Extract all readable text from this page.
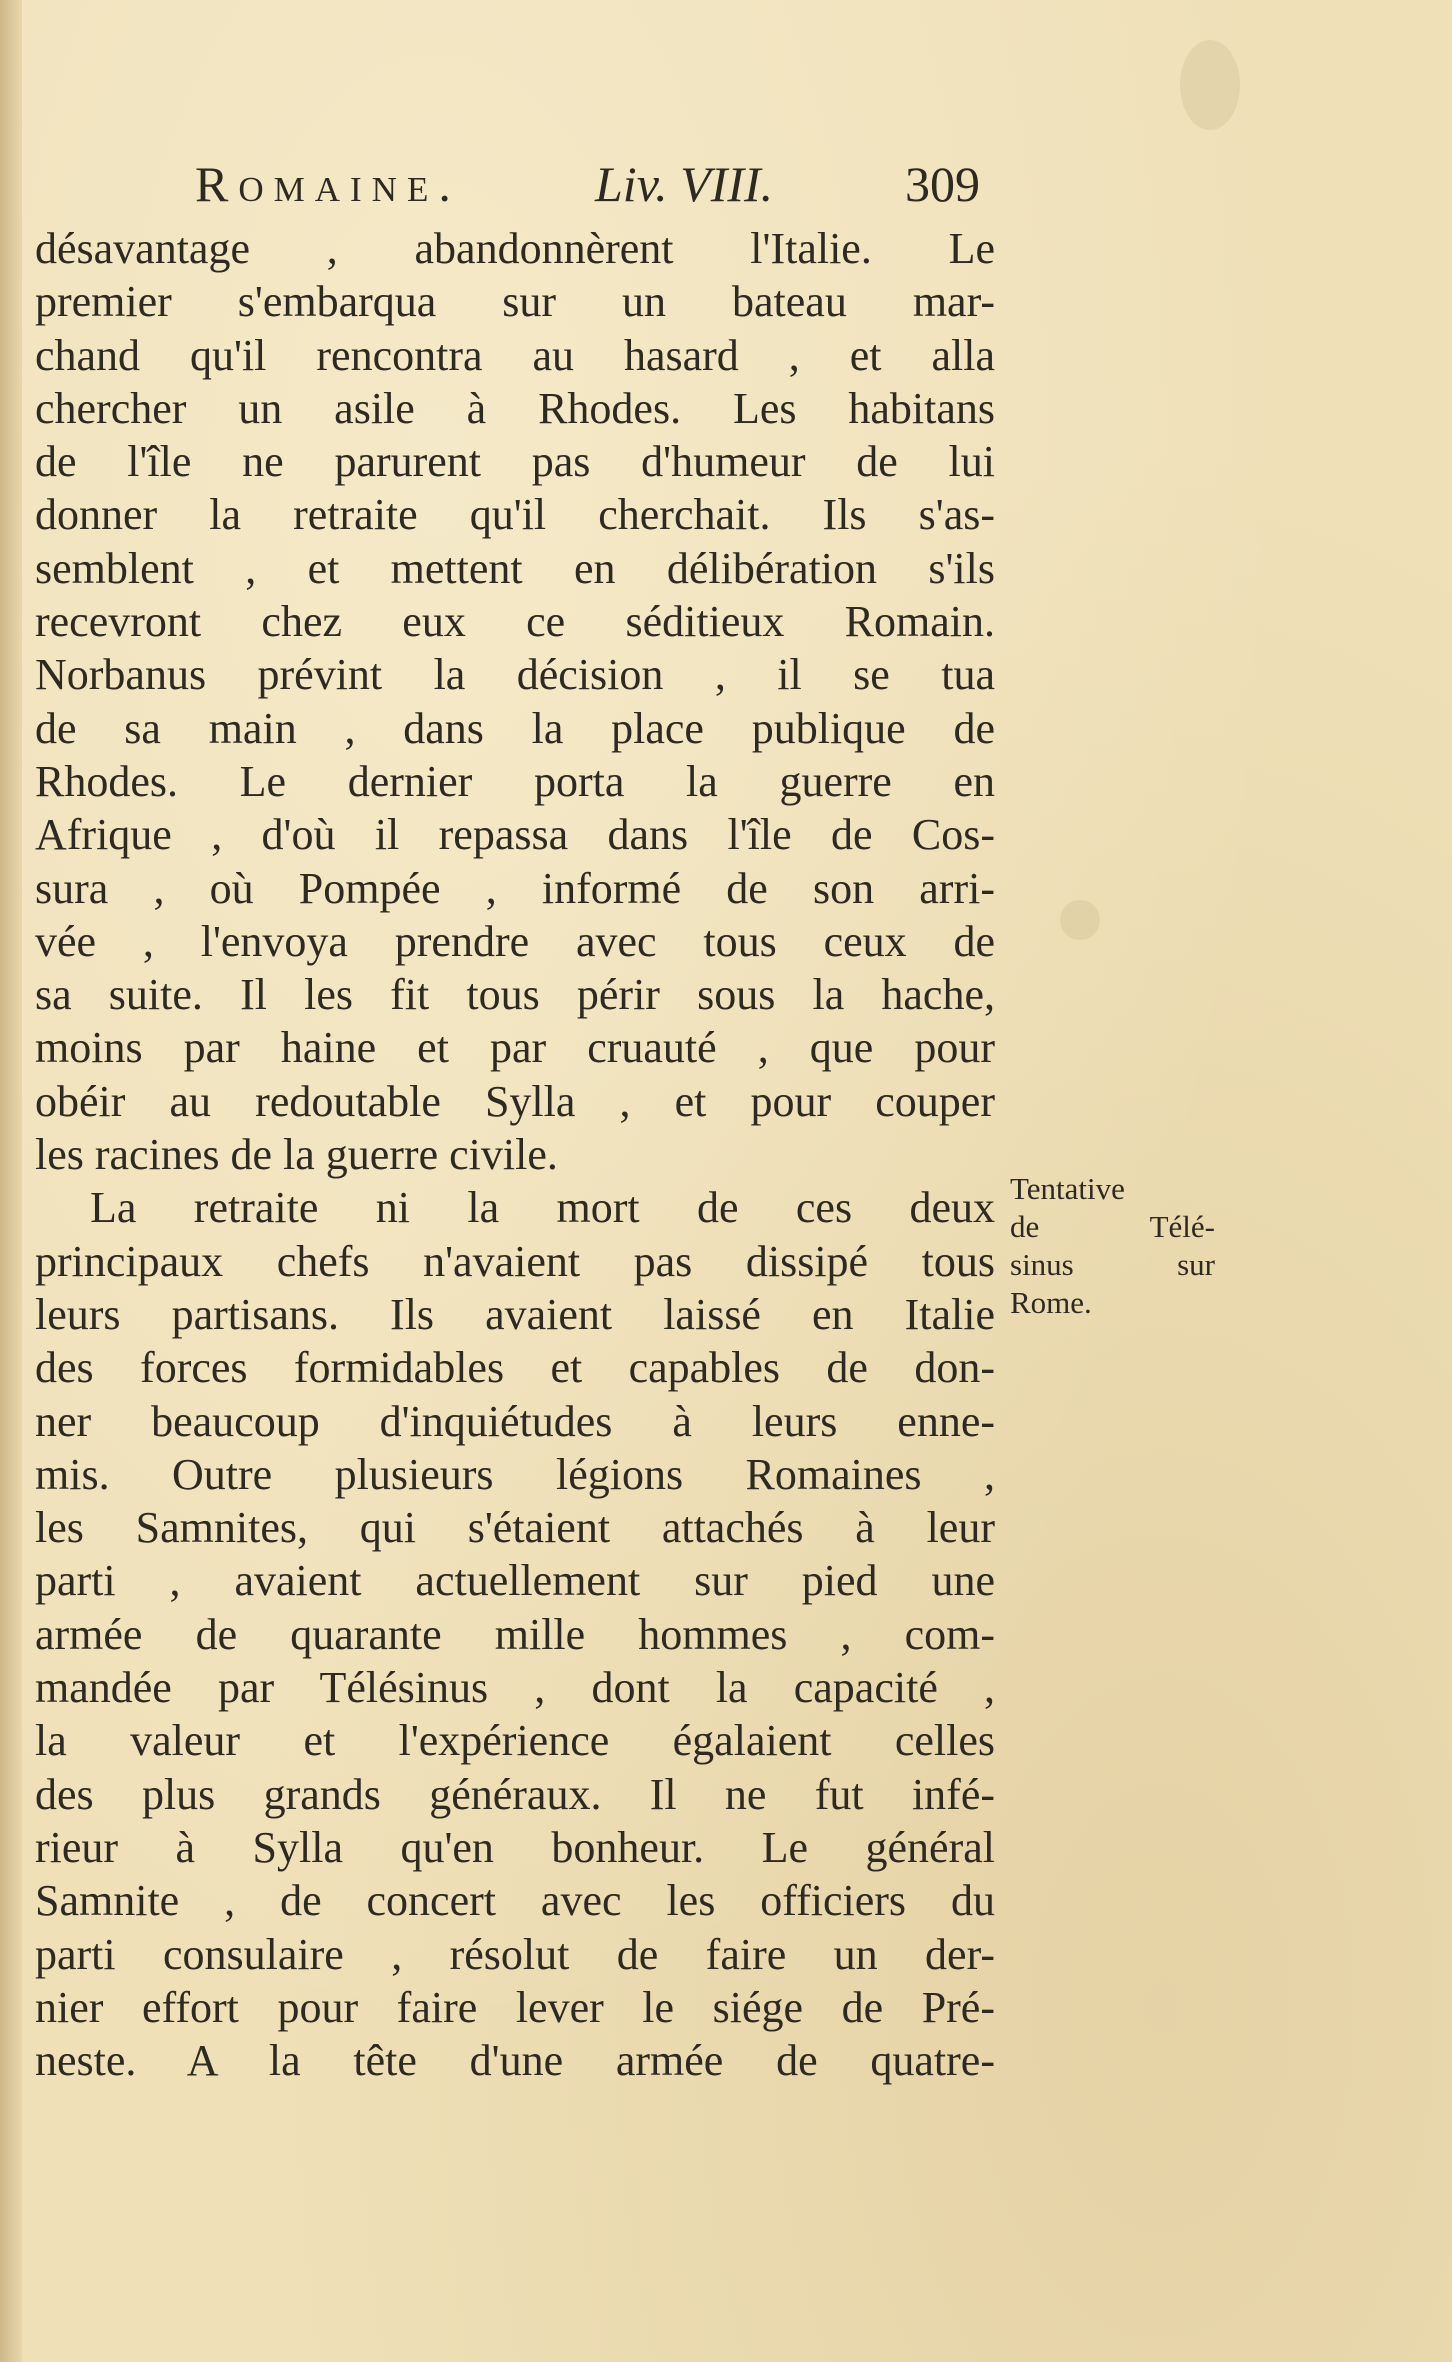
Romaine.	Liv. VIII.	309
désavantage , abandonnèrent l'Italie. Le
premier s'embarqua sur un bateau mar-
chand qu'il rencontra au hasard , et alla
chercher un asile à Rhodes. Les habitans
de l'île ne parurent pas d'humeur de lui
donner la retraite qu'il cherchait. Ils s'as-
semblent , et mettent en délibération s'ils
recevront chez eux ce séditieux Romain.
Norbanus prévint la décision , il se tua
de sa main , dans la place publique de
Rhodes. Le dernier porta la guerre en
Afrique , d'où il repassa dans l'île de Cos-
sura , où Pompée , informé de son arri-
vée , l'envoya prendre avec tous ceux de
sa suite. Il les fit tous périr sous la hache,
moins par haine et par cruauté , que pour
obéir au redoutable Sylla , et pour couper
les racines de la guerre civile.
La retraite ni la mort de ces deux
principaux chefs n'avaient pas dissipé tous
leurs partisans. Ils avaient laissé en Italie
des forces formidables et capables de don-
ner beaucoup d'inquiétudes à leurs enne-
mis. Outre plusieurs légions Romaines ,
les Samnites, qui s'étaient attachés à leur
parti , avaient actuellement sur pied une
armée de quarante mille hommes , com-
mandée par Télésinus , dont la capacité ,
la valeur et l'expérience égalaient celles
des plus grands généraux. Il ne fut infé-
rieur à Sylla qu'en bonheur. Le général
Samnite , de concert avec les officiers du
parti consulaire , résolut de faire un der-
nier effort pour faire lever le siége de Pré-
neste. A la tête d'une armée de quatre-
Tentative
de Télé-
sinus sur
Rome.
